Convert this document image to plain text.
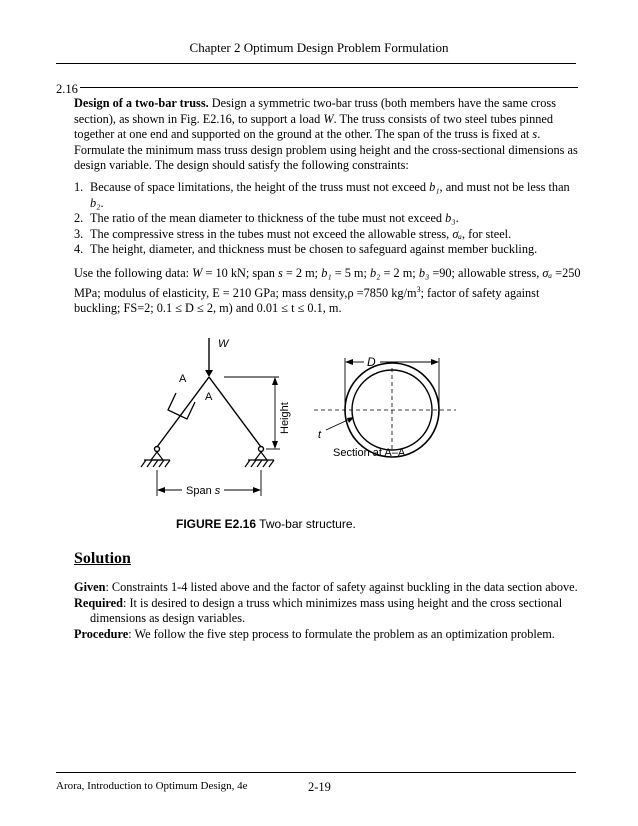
Chapter 2 Optimum Design Problem Formulation
2.16
Design of a two-bar truss. Design a symmetric two-bar truss (both members have the same cross section), as shown in Fig. E2.16, to support a load W. The truss consists of two steel tubes pinned together at one end and supported on the ground at the other. The span of the truss is fixed at s. Formulate the minimum mass truss design problem using height and the cross-sectional dimensions as design variable. The design should satisfy the following constraints:

1. Because of space limitations, the height of the truss must not exceed b₁, and must not be less than b₂.

2. The ratio of the mean diameter to thickness of the tube must not exceed b₃.

3. The compressive stress in the tubes must not exceed the allowable stress, σₐ, for steel.

4. The height, diameter, and thickness must be chosen to safeguard against member buckling.

Use the following data: W = 10 kN; span s = 2 m; b₁ = 5 m; b₂ = 2 m; b₃ =90; allowable stress, σₐ =250 MPa; modulus of elasticity, E = 210 GPa; mass density,ρ =7850 $kg/m^3$; factor of safety against buckling; FS=2; 0.1 ≤ D ≤ 2, m) and 0.01 ≤ t ≤ 0.1, m.
W
A
A
Height
Span s
D
t
Section at A–A
FIGURE E2.16 Two-bar structure.
Solution

Given: Constraints 1-4 listed above and the factor of safety against buckling in the data section above.

Required: It is desired to design a truss which minimizes mass using height and the cross sectional dimensions as design variables.

Procedure: We follow the five step process to formulate the problem as an optimization problem.

Arora, Introduction to Optimum Design, 4e	2-19
